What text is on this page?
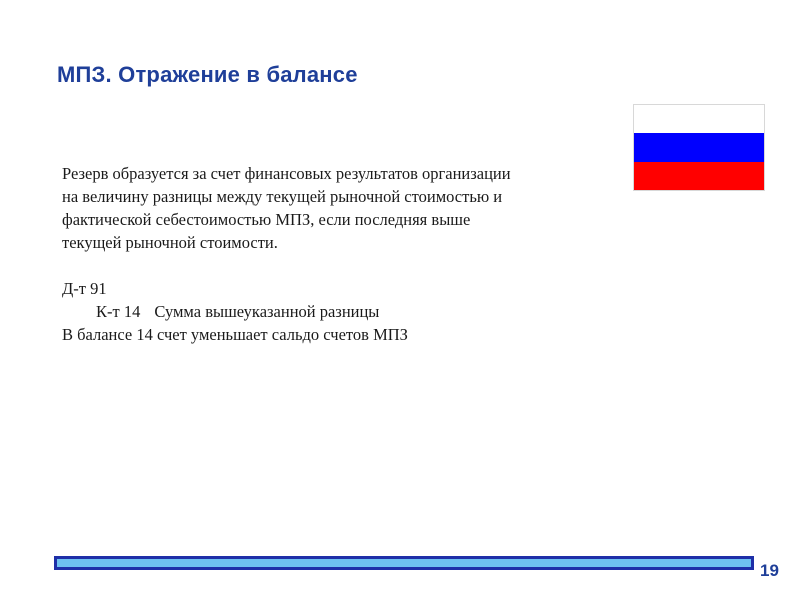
МПЗ. Отражение в балансе

Резерв образуется за счет финансовых результатов организации

на величину разницы между текущей рыночной стоимостью и

фактической себестоимостью МПЗ, если последняя выше

текущей рыночной стоимости.

Д-т 91

К-т 14 Сумма вышеуказанной разницы

В балансе 14 счет уменьшает сальдо счетов МПЗ

19
